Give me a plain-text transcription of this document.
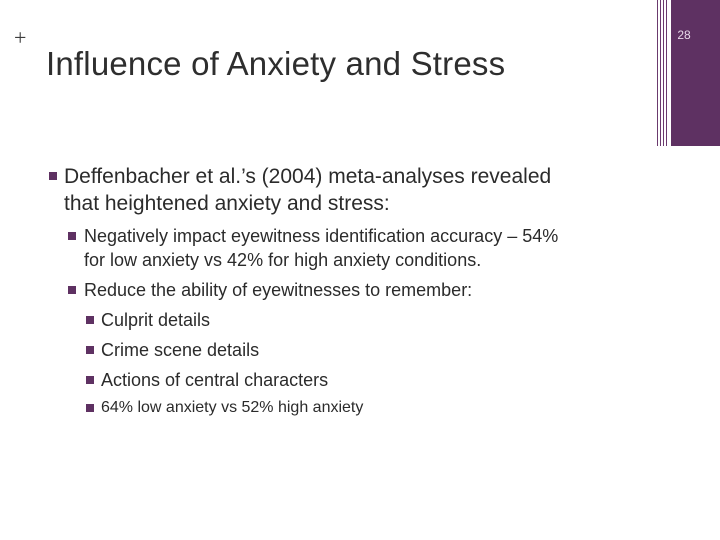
+
Influence of Anxiety and Stress
28
Deffenbacher et al.’s (2004) meta-analyses revealed
that heightened anxiety and stress:
Negatively impact eyewitness identification accuracy – 54%
for low anxiety vs 42% for high anxiety conditions.
Reduce the ability of eyewitnesses to remember:
Culprit details
Crime scene details
Actions of central characters
64% low anxiety vs 52% high anxiety
